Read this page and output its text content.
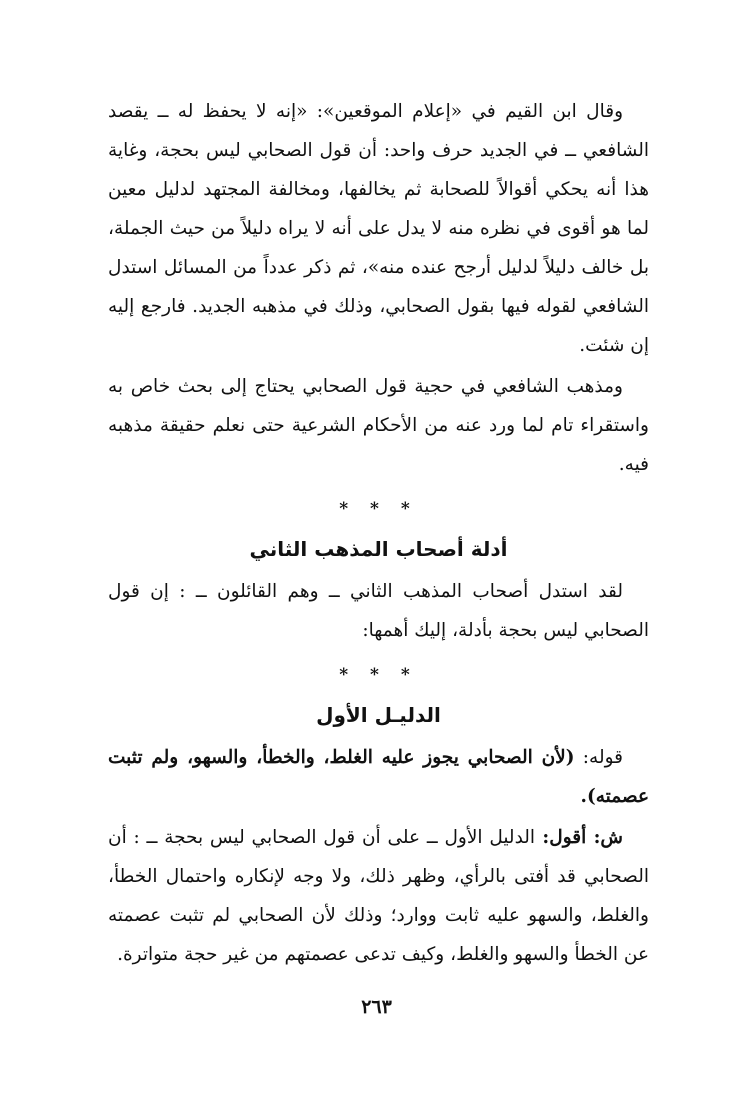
وقال ابن القيم في «إعلام الموقعين»: «إنه لا يحفظ له ــ يقصد الشافعي ــ في الجديد حرف واحد: أن قول الصحابي ليس بحجة، وغاية هذا أنه يحكي أقوالاً للصحابة ثم يخالفها، ومخالفة المجتهد لدليل معين لما هو أقوى في نظره منه لا يدل على أنه لا يراه دليلاً من حيث الجملة، بل خالف دليلاً لدليل أرجح عنده منه»، ثم ذكر عدداً من المسائل استدل الشافعي لقوله فيها بقول الصحابي، وذلك في مذهبه الجديد. فارجع إليه إن شئت.

ومذهب الشافعي في حجية قول الصحابي يحتاج إلى بحث خاص به واستقراء تام لما ورد عنه من الأحكام الشرعية حتى نعلم حقيقة مذهبه فيه.

* * *
أدلة أصحاب المذهب الثاني

لقد استدل أصحاب المذهب الثاني ــ وهم القائلون ــ : إن قول الصحابي ليس بحجة بأدلة، إليك أهمها:

* * *
الدليـل الأول

قوله: (لأن الصحابي يجوز عليه الغلط، والخطأ، والسهو، ولم تثبت عصمته).

ش: أقول: الدليل الأول ــ على أن قول الصحابي ليس بحجة ــ : أن الصحابي قد أفتى بالرأي، وظهر ذلك، ولا وجه لإنكاره واحتمال الخطأ، والغلط، والسهو عليه ثابت ووارد؛ وذلك لأن الصحابي لم تثبت عصمته عن الخطأ والسهو والغلط، وكيف تدعى عصمتهم من غير حجة متواترة.

٢٦٣
